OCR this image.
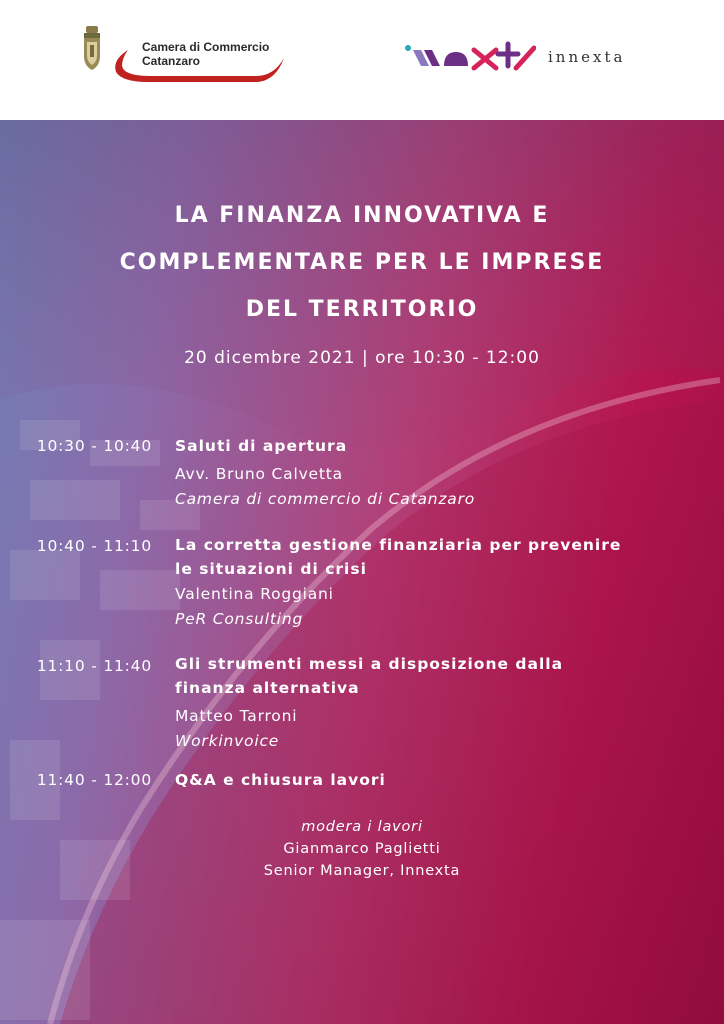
Camera di Commercio
Catanzaro	innexta
LA FINANZA INNOVATIVA E
COMPLEMENTARE PER LE IMPRESE
DEL TERRITORIO
20 dicembre 2021 | ore 10:30 - 12:00
10:30 - 10:40 Saluti di apertura
Avv. Bruno Calvetta
Camera di commercio di Catanzaro
10:40 - 11:10 La corretta gestione finanziaria per prevenire
le situazioni di crisi
Valentina Roggiani
PeR Consulting
11:10 - 11:40 Gli strumenti messi a disposizione dalla
finanza alternativa
Matteo Tarroni
Workinvoice
11:40 - 12:00 Q&A e chiusura lavori
modera i lavori
Gianmarco Paglietti
Senior Manager, Innexta
